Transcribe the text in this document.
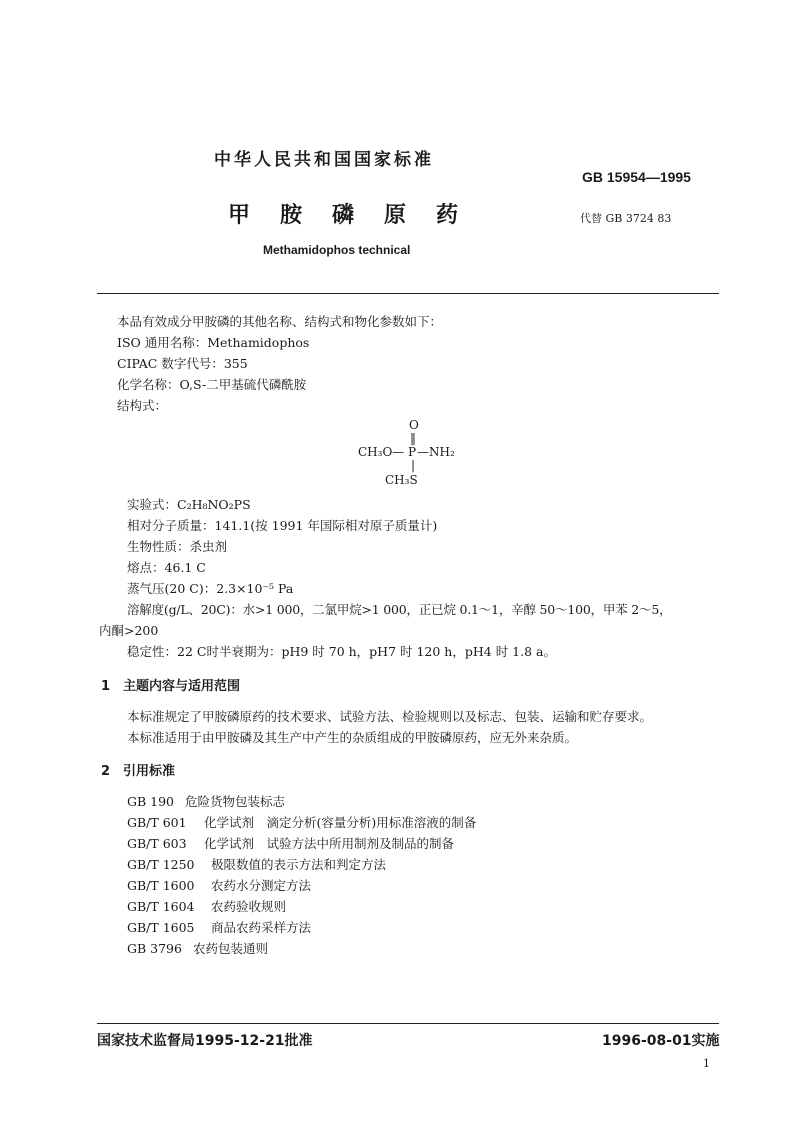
中华人民共和国国家标准
GB 15954—1995
甲胺磷原药	代替 GB 3724 83
Methamidophos technical
本品有效成分甲胺磷的其他名称、结构式和物化参数如下：
ISO 通用名称：Methamidophos
CIPAC 数字代号：355
化学名称：O,S-二甲基硫代磷酰胺
结构式：
O
‖
CH₃O— P —NH₂
|
CH₃S
实验式：C₂H₈NO₂PS
相对分子质量：141.1(按 1991 年国际相对原子质量计)
生物性质：杀虫剂
熔点：46.1 C
蒸气压(20 C)：2.3×10⁻⁵ Pa
溶解度(g/L、20C)：水>1 000，二氯甲烷>1 000，正已烷 0.1～1，辛醇 50～100，甲苯 2～5，
内酮>200
稳定性：22 C时半衰期为：pH9 时 70 h，pH7 时 120 h，pH4 时 1.8 a。
1　主题内容与适用范围
本标准规定了甲胺磷原药的技术要求、试验方法、检验规则以及标志、包装、运输和贮存要求。
本标准适用于由甲胺磷及其生产中产生的杂质组成的甲胺磷原药，应无外来杂质。
2　引用标准
GB 190 危险货物包装标志
GB/T 601 化学试剂　滴定分析(容量分析)用标准溶液的制备
GB/T 603 化学试剂　试验方法中所用制剂及制品的制备
GB/T 1250 极限数值的表示方法和判定方法
GB/T 1600 农药水分测定方法
GB/T 1604 农药验收规则
GB/T 1605 商品农药采样方法
GB 3796 农药包装通则
国家技术监督局1995-12-21批准	1996-08-01实施
1
